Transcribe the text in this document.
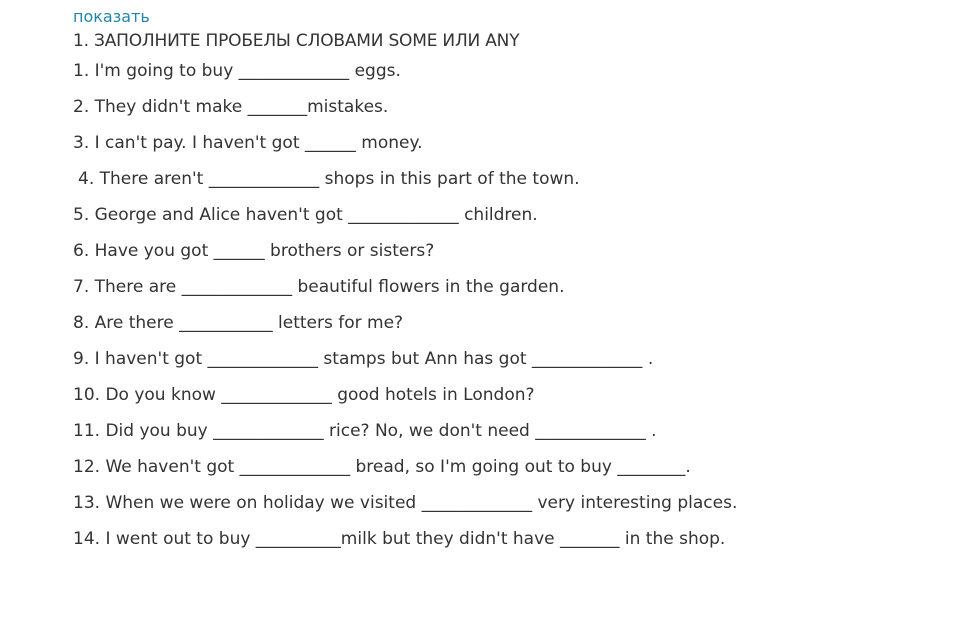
показать
1. ЗАПОЛНИТЕ ПРОБЕЛЫ СЛОВАМИ SOME ИЛИ ANY
1. I'm going to buy _____________ eggs.
2. They didn't make _______mistakes.
3. I can't pay. I haven't got ______ money.
4. There aren't _____________ shops in this part of the town.
5. George and Alice haven't got _____________ children.
6. Have you got ______ brothers or sisters?
7. There are _____________ beautiful flowers in the garden.
8. Are there ___________ letters for me?
9. I haven't got _____________ stamps but Ann has got _____________ .
10. Do you know _____________ good hotels in London?
11. Did you buy _____________ rice? No, we don't need _____________ .
12. We haven't got _____________ bread, so I'm going out to buy ________.
13. When we were on holiday we visited _____________ very interesting places.
14. I went out to buy __________milk but they didn't have _______ in the shop.
